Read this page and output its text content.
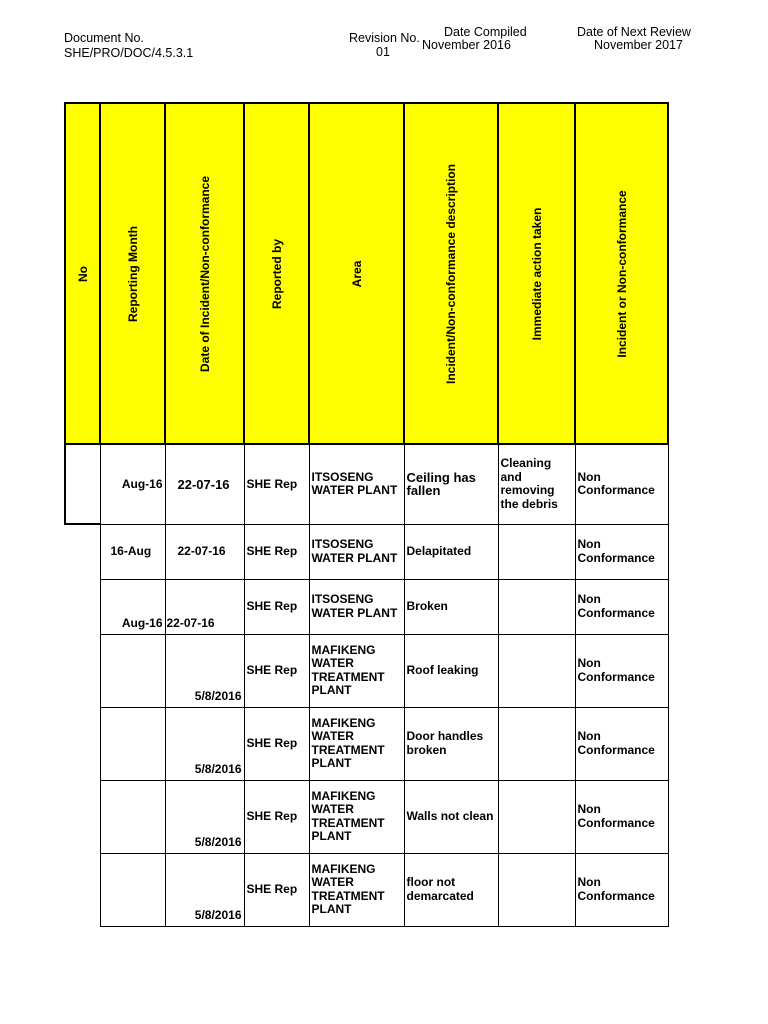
Document No.
SHE/PRO/DOC/4.5.3.1
Revision No.
01
Date Compiled
November 2016
Date of Next Review
November 2017
No	Reporting Month	Date of Incident/Non-conformance	Reported by	Area	Incident/Non-conformance description	Immediate action taken	Incident or Non-conformance

	Aug-16	22-07-16	SHE Rep	ITSOSENG WATER PLANT	Ceiling has fallen	Cleaning and removing the debris	Non Conformance

	16-Aug	22-07-16	SHE Rep	ITSOSENG WATER PLANT	Delapitated		Non Conformance

	Aug-16	22-07-16	SHE Rep	ITSOSENG WATER PLANT	Broken		Non Conformance

		5/8/2016	SHE Rep	MAFIKENG WATER TREATMENT PLANT	Roof leaking		Non Conformance

		5/8/2016	SHE Rep	MAFIKENG WATER TREATMENT PLANT	Door handles broken		Non Conformance

		5/8/2016	SHE Rep	MAFIKENG WATER TREATMENT PLANT	Walls not clean		Non Conformance

		5/8/2016	SHE Rep	MAFIKENG WATER TREATMENT PLANT	floor not demarcated		Non Conformance
